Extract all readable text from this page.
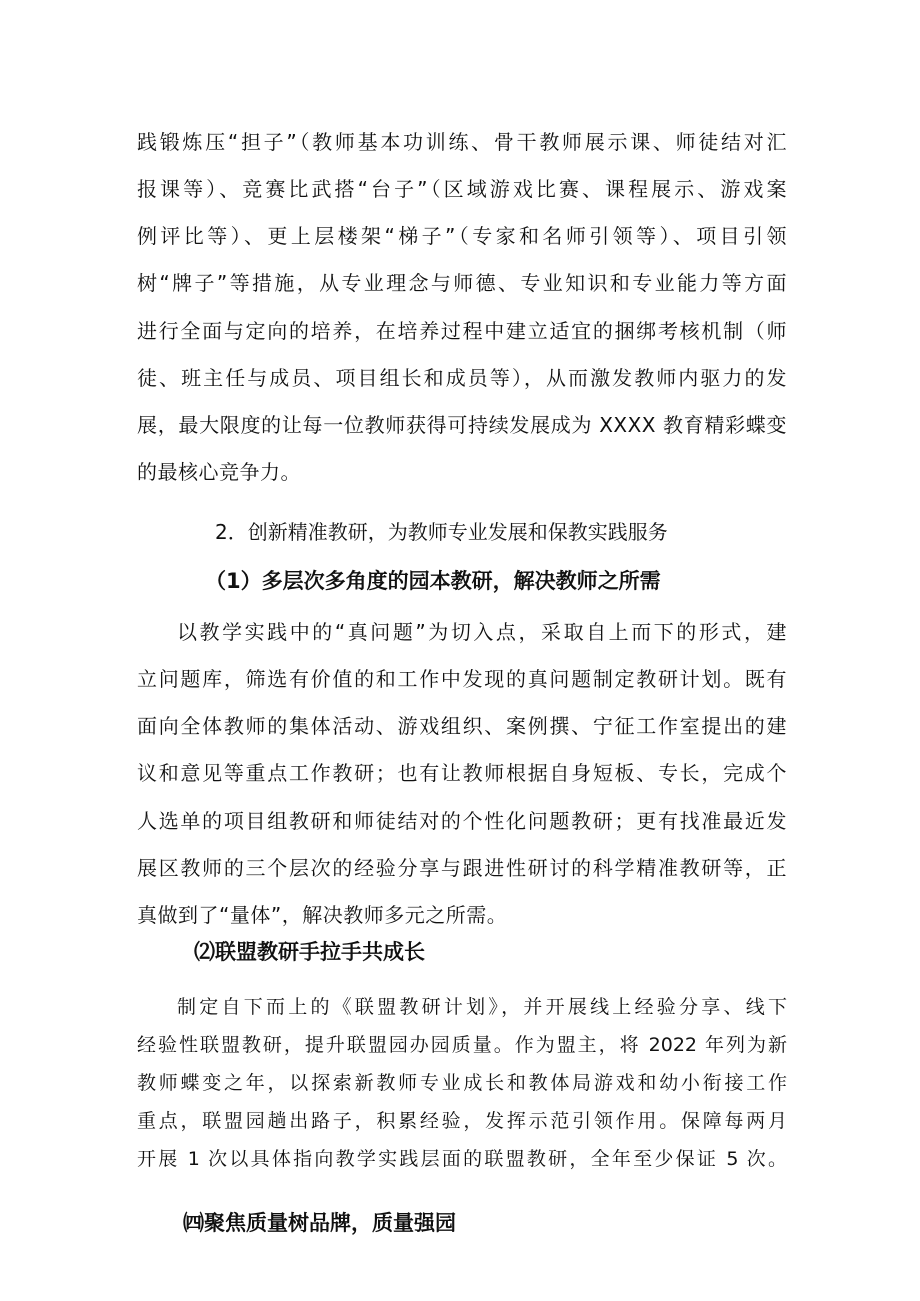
践锻炼压“担子”（教师基本功训练、骨干教师展示课、师徒结对汇
报课等）、竞赛比武搭“台子”（区域游戏比赛、课程展示、游戏案
例评比等）、更上层楼架“梯子”（专家和名师引领等）、项目引领
树“牌子”等措施，从专业理念与师德、专业知识和专业能力等方面
进行全面与定向的培养，在培养过程中建立适宜的捆绑考核机制（师
徒、班主任与成员、项目组长和成员等），从而激发教师内驱力的发
展，最大限度的让每一位教师获得可持续发展成为 XXXX 教育精彩蝶变
的最核心竞争力。
2．创新精准教研，为教师专业发展和保教实践服务
（1）多层次多角度的园本教研，解决教师之所需
以教学实践中的“真问题”为切入点，采取自上而下的形式，建
立问题库，筛选有价值的和工作中发现的真问题制定教研计划。既有
面向全体教师的集体活动、游戏组织、案例撰、宁征工作室提出的建
议和意见等重点工作教研；也有让教师根据自身短板、专长，完成个
人选单的项目组教研和师徒结对的个性化问题教研；更有找准最近发
展区教师的三个层次的经验分享与跟进性研讨的科学精准教研等，正
真做到了“量体”，解决教师多元之所需。
⑵联盟教研手拉手共成长
制定自下而上的《联盟教研计划》，并开展线上经验分享、线下
经验性联盟教研，提升联盟园办园质量。作为盟主，将 2022 年列为新
教师蝶变之年，以探索新教师专业成长和教体局游戏和幼小衔接工作
重点，联盟园趟出路子，积累经验，发挥示范引领作用。保障每两月
开展 1 次以具体指向教学实践层面的联盟教研，全年至少保证 5 次。
㈣聚焦质量树品牌，质量强园
